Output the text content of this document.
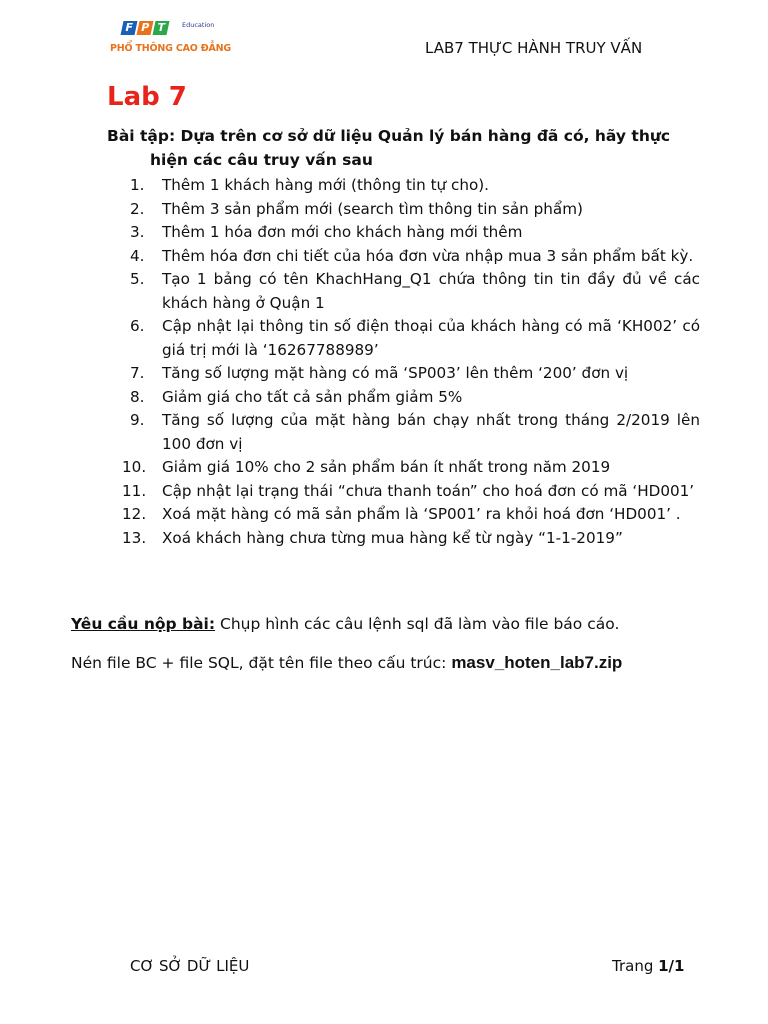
F P T	Education
PHỔ THÔNG CAO ĐẲNG	LAB7 THỰC HÀNH TRUY VẤN
Lab 7

Bài tập: Dựa trên cơ sở dữ liệu Quản lý bán hàng đã có, hãy thực
hiện các câu truy vấn sau

1.	Thêm 1 khách hàng mới (thông tin tự cho).
2.	Thêm 3 sản phẩm mới (search tìm thông tin sản phẩm)
3.	Thêm 1 hóa đơn mới cho khách hàng mới thêm
4.	Thêm hóa đơn chi tiết của hóa đơn vừa nhập mua 3 sản phẩm bất kỳ.
5.	Tạo 1 bảng có tên KhachHang_Q1 chứa thông tin tin đầy đủ về các khách hàng ở Quận 1
6.	Cập nhật lại thông tin số điện thoại của khách hàng có mã ‘KH002’ có giá trị mới là ‘16267788989’
7.	Tăng số lượng mặt hàng có mã ‘SP003’ lên thêm ‘200’ đơn vị
8.	Giảm giá cho tất cả sản phẩm giảm 5%
9.	Tăng số lượng của mặt hàng bán chạy nhất trong tháng 2/2019 lên 100 đơn vị
10.	Giảm giá 10% cho 2 sản phẩm bán ít nhất trong năm 2019
11.	Cập nhật lại trạng thái “chưa thanh toán” cho hoá đơn có mã ‘HD001’
12.	Xoá mặt hàng có mã sản phẩm là ‘SP001’ ra khỏi hoá đơn ‘HD001’ .
13.	Xoá khách hàng chưa từng mua hàng kể từ ngày “1-1-2019”
Yêu cầu nộp bài: Chụp hình các câu lệnh sql đã làm vào file báo cáo.
Nén file BC + file SQL, đặt tên file theo cấu trúc: masv_hoten_lab7.zip
CƠ SỞ DỮ LIỆU	Trang 1/1
